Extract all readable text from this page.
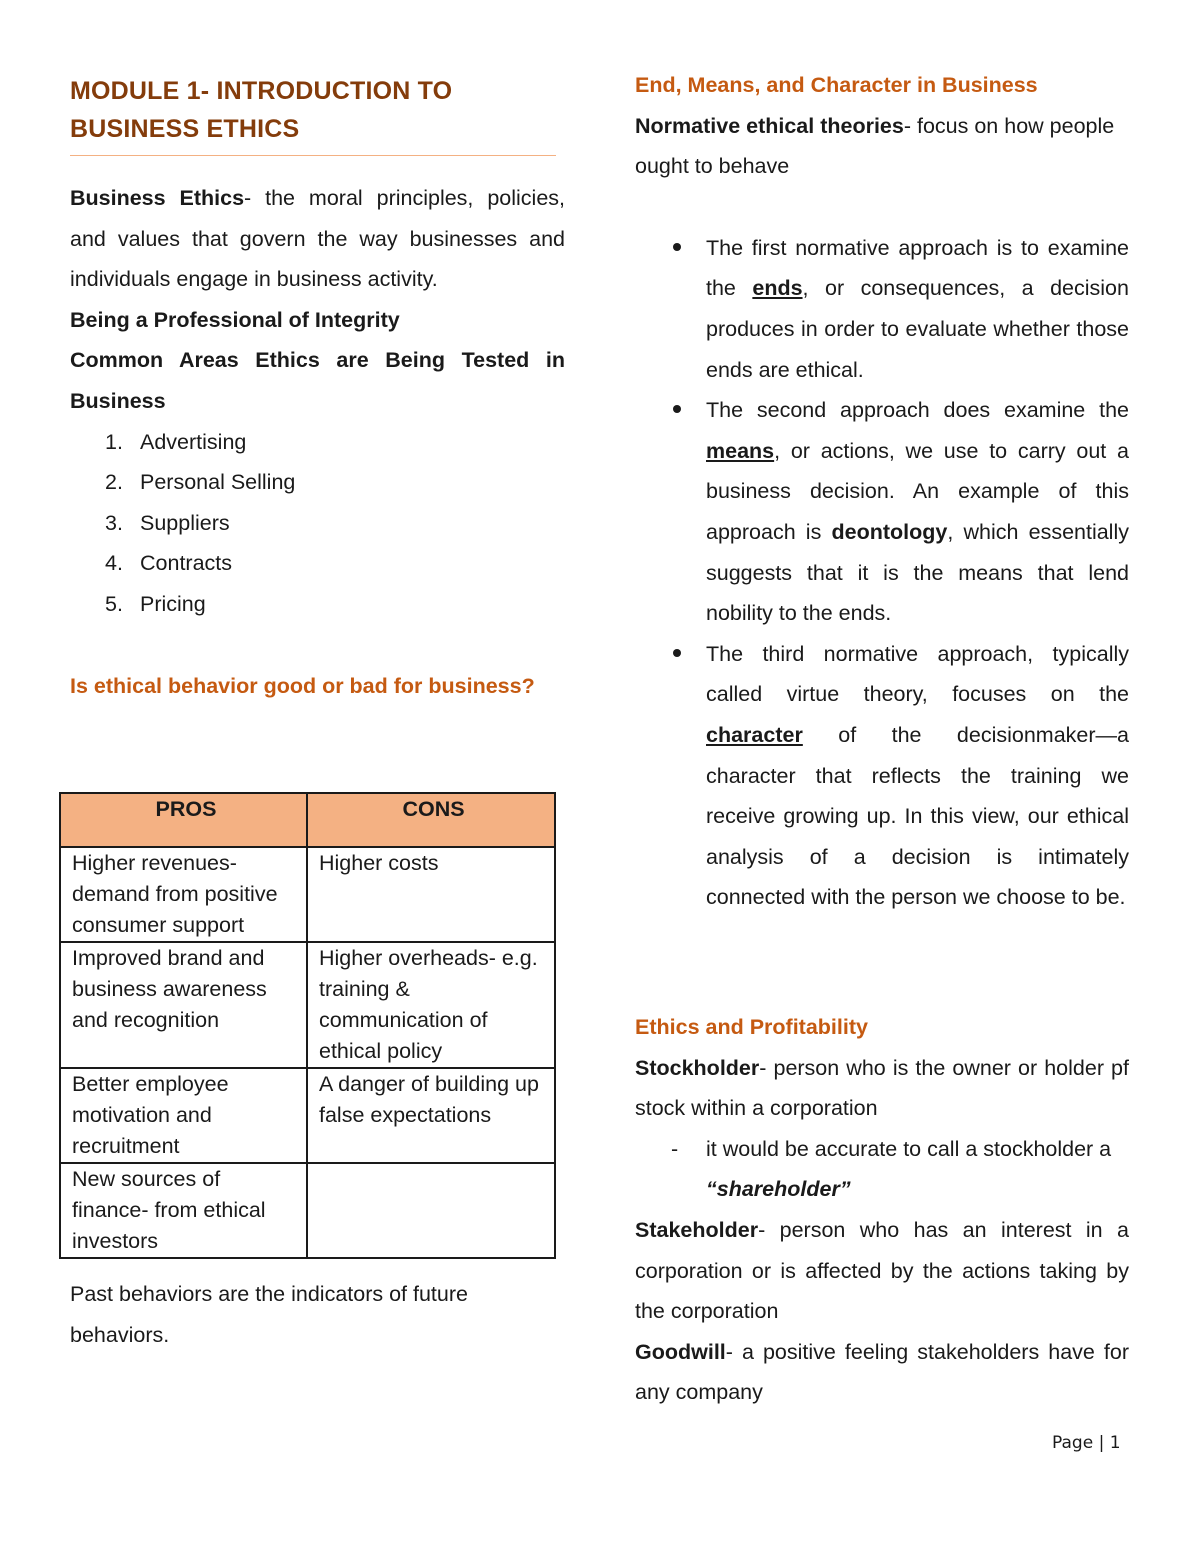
MODULE 1- INTRODUCTION TO BUSINESS ETHICS
Business Ethics- the moral principles, policies, and values that govern the way businesses and individuals engage in business activity.
Being a Professional of Integrity
Common Areas Ethics are Being Tested in Business
1. Advertising
2. Personal Selling
3. Suppliers
4. Contracts
5. Pricing
Is ethical behavior good or bad for business?
PROS	CONS
Higher revenues- demand from positive consumer support	Higher costs
Improved brand and business awareness and recognition	Higher overheads- e.g. training & communication of ethical policy
Better employee motivation and recruitment	A danger of building up false expectations
New sources of finance- from ethical investors	
Past behaviors are the indicators of future behaviors.
End, Means, and Character in Business
Normative ethical theories- focus on how people ought to behave
The first normative approach is to examine the ends, or consequences, a decision produces in order to evaluate whether those ends are ethical.
The second approach does examine the means, or actions, we use to carry out a business decision. An example of this approach is deontology, which essentially suggests that it is the means that lend nobility to the ends.
The third normative approach, typically called virtue theory, focuses on the character of the decisionmaker—a character that reflects the training we receive growing up. In this view, our ethical analysis of a decision is intimately connected with the person we choose to be.
Ethics and Profitability
Stockholder- person who is the owner or holder pf stock within a corporation
- it would be accurate to call a stockholder a “shareholder”
Stakeholder- person who has an interest in a corporation or is affected by the actions taking by the corporation
Goodwill- a positive feeling stakeholders have for any company
Page | 1
